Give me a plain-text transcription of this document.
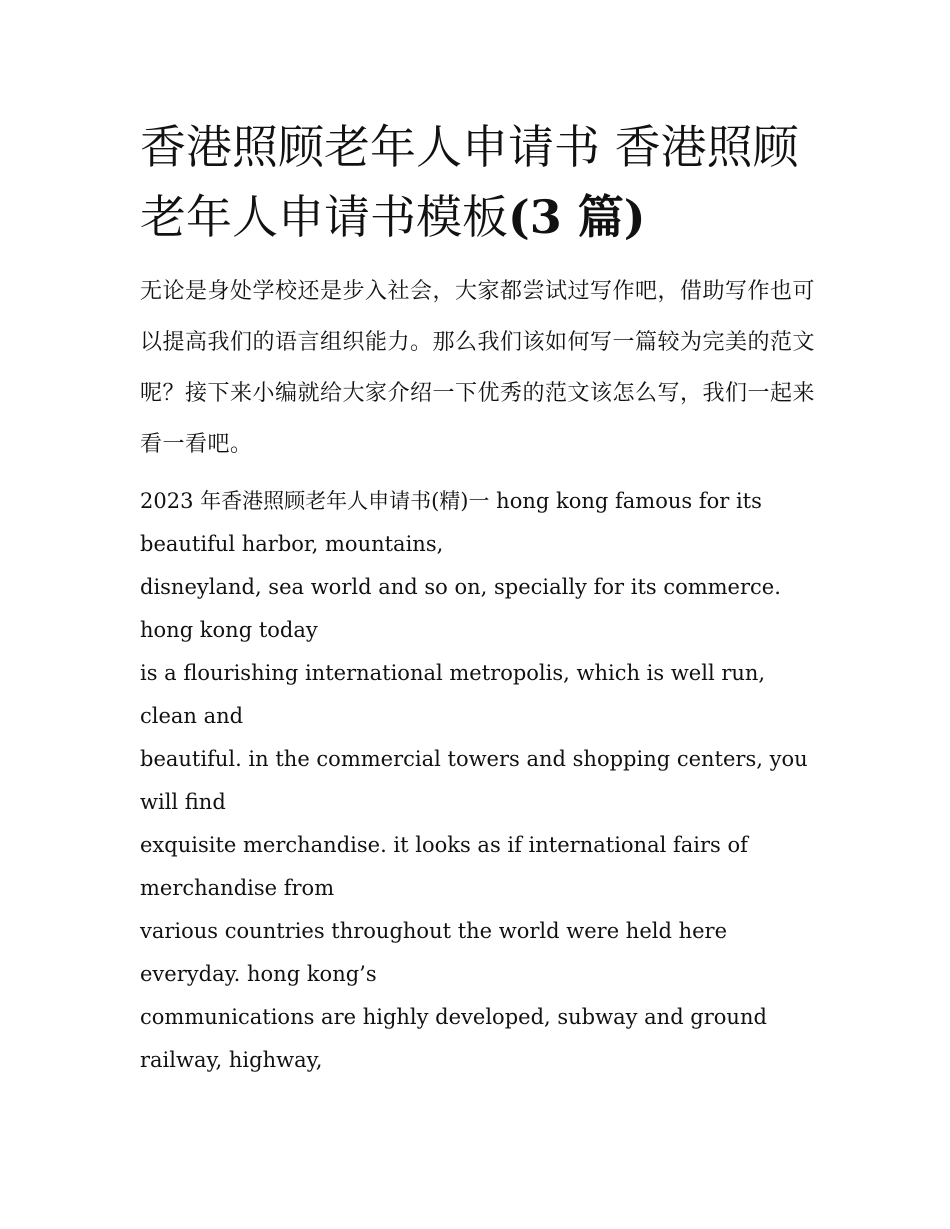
香港照顾老年人申请书 香港照顾老年人申请书模板(3 篇)

无论是身处学校还是步入社会，大家都尝试过写作吧，借助写作也可以提高我们的语言组织能力。那么我们该如何写一篇较为完美的范文呢？接下来小编就给大家介绍一下优秀的范文该怎么写，我们一起来看一看吧。

2023 年香港照顾老年人申请书(精)一 hong kong famous for its beautiful harbor, mountains,
disneyland, sea world and so on, specially for its commerce. hong kong today
is a flourishing international metropolis, which is well run, clean and
beautiful. in the commercial towers and shopping centers, you will find
exquisite merchandise. it looks as if international fairs of merchandise from
various countries throughout the world were held here everyday. hong kong’s
communications are highly developed, subway and ground railway, highway,
